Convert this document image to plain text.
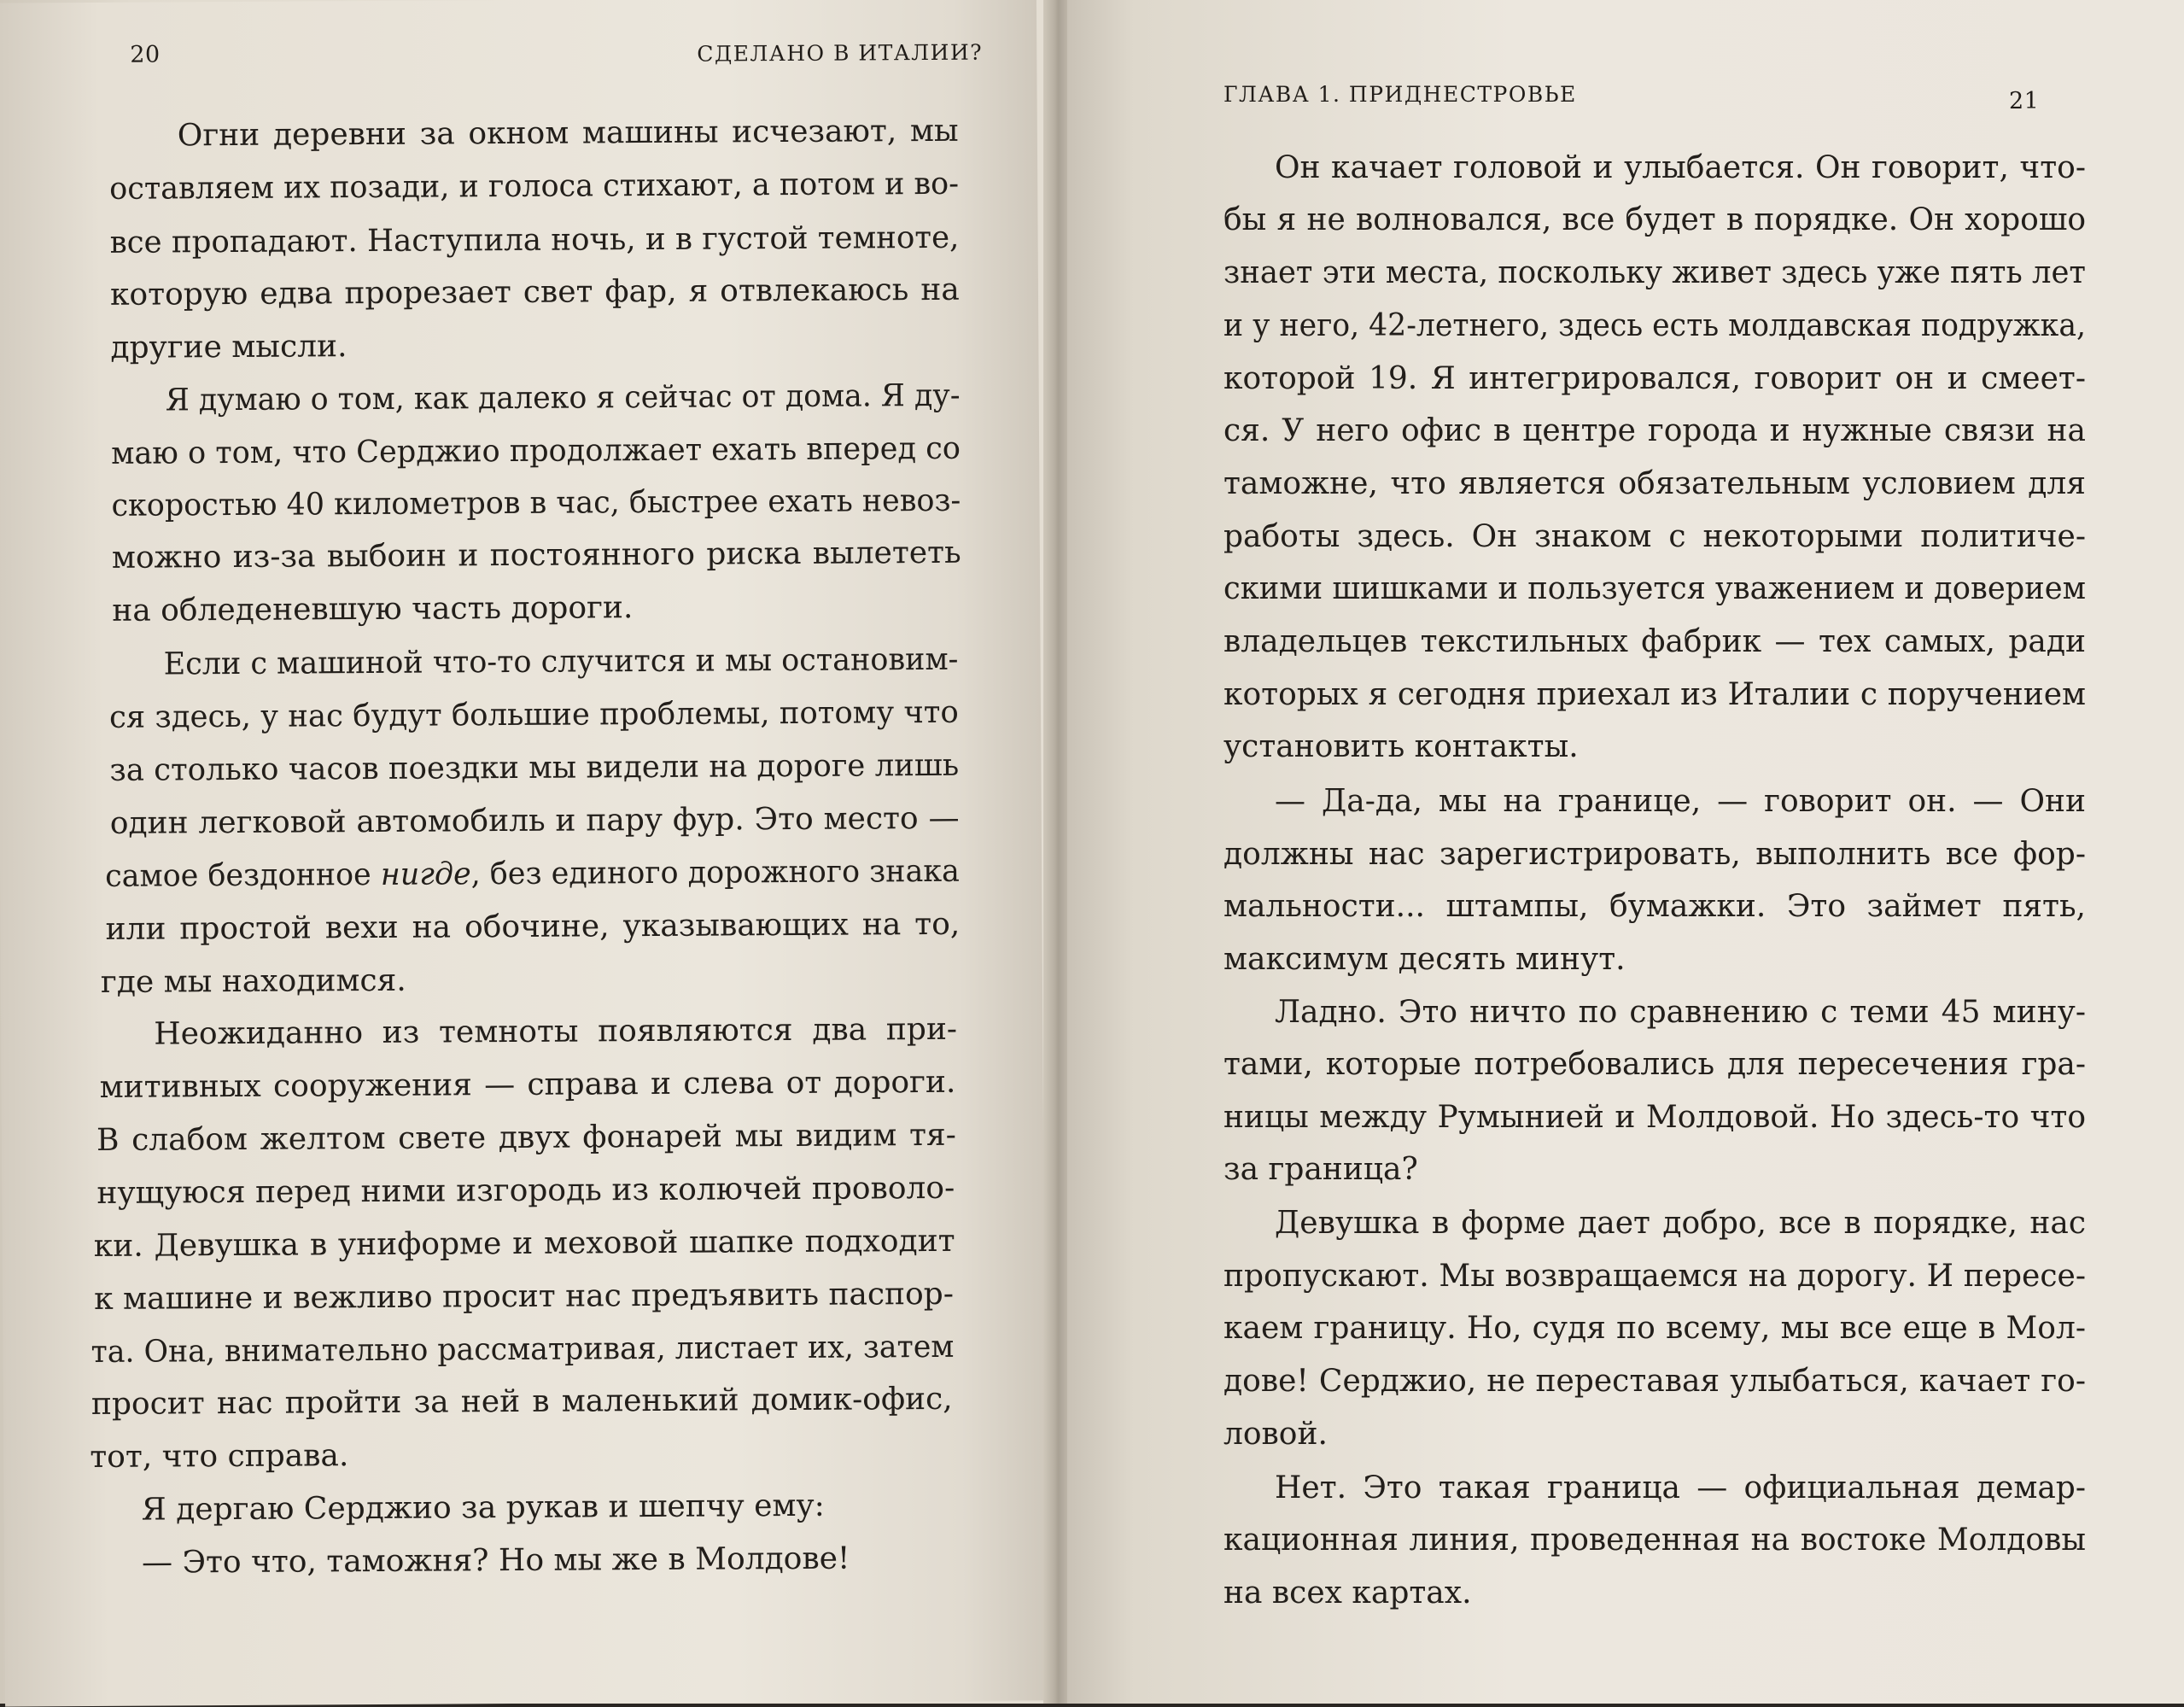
20	СДЕЛАНО В ИТАЛИИ?
Огни деревни за окном машины исчезают, мы
оставляем их позади, и голоса стихают, а потом и во-
все пропадают. Наступила ночь, и в густой темноте,
которую едва прорезает свет фар, я отвлекаюсь на
другие мысли.
Я думаю о том, как далеко я сейчас от дома. Я ду-
маю о том, что Серджио продолжает ехать вперед со
скоростью 40 километров в час, быстрее ехать невоз-
можно из-за выбоин и постоянного риска вылететь
на обледеневшую часть дороги.
Если с машиной что-то случится и мы остановим-
ся здесь, у нас будут большие проблемы, потому что
за столько часов поездки мы видели на дороге лишь
один легковой автомобиль и пару фур. Это место —
самое бездонное нигде, без единого дорожного знака
или простой вехи на обочине, указывающих на то,
где мы находимся.
Неожиданно из темноты появляются два при-
митивных сооружения — справа и слева от дороги.
В слабом желтом свете двух фонарей мы видим тя-
нущуюся перед ними изгородь из колючей проволо-
ки. Девушка в униформе и меховой шапке подходит
к машине и вежливо просит нас предъявить паспор-
та. Она, внимательно рассматривая, листает их, затем
просит нас пройти за ней в маленький домик-офис,
тот, что справа.
Я дергаю Серджио за рукав и шепчу ему:
— Это что, таможня? Но мы же в Молдове!
ГЛАВА 1. ПРИДНЕСТРОВЬЕ	21
Он качает головой и улыбается. Он говорит, что-
бы я не волновался, все будет в порядке. Он хорошо
знает эти места, поскольку живет здесь уже пять лет
и у него, 42-летнего, здесь есть молдавская подружка,
которой 19. Я интегрировался, говорит он и смеет-
ся. У него офис в центре города и нужные связи на
таможне, что является обязательным условием для
работы здесь. Он знаком с некоторыми политиче-
скими шишками и пользуется уважением и доверием
владельцев текстильных фабрик — тех самых, ради
которых я сегодня приехал из Италии с поручением
установить контакты.
— Да-да, мы на границе, — говорит он. — Они
должны нас зарегистрировать, выполнить все фор-
мальности... штампы, бумажки. Это займет пять,
максимум десять минут.
Ладно. Это ничто по сравнению с теми 45 мину-
тами, которые потребовались для пересечения гра-
ницы между Румынией и Молдовой. Но здесь-то что
за граница?
Девушка в форме дает добро, все в порядке, нас
пропускают. Мы возвращаемся на дорогу. И пересе-
каем границу. Но, судя по всему, мы все еще в Мол-
дове! Серджио, не переставая улыбаться, качает го-
ловой.
Нет. Это такая граница — официальная демар-
кационная линия, проведенная на востоке Молдовы
на всех картах.
